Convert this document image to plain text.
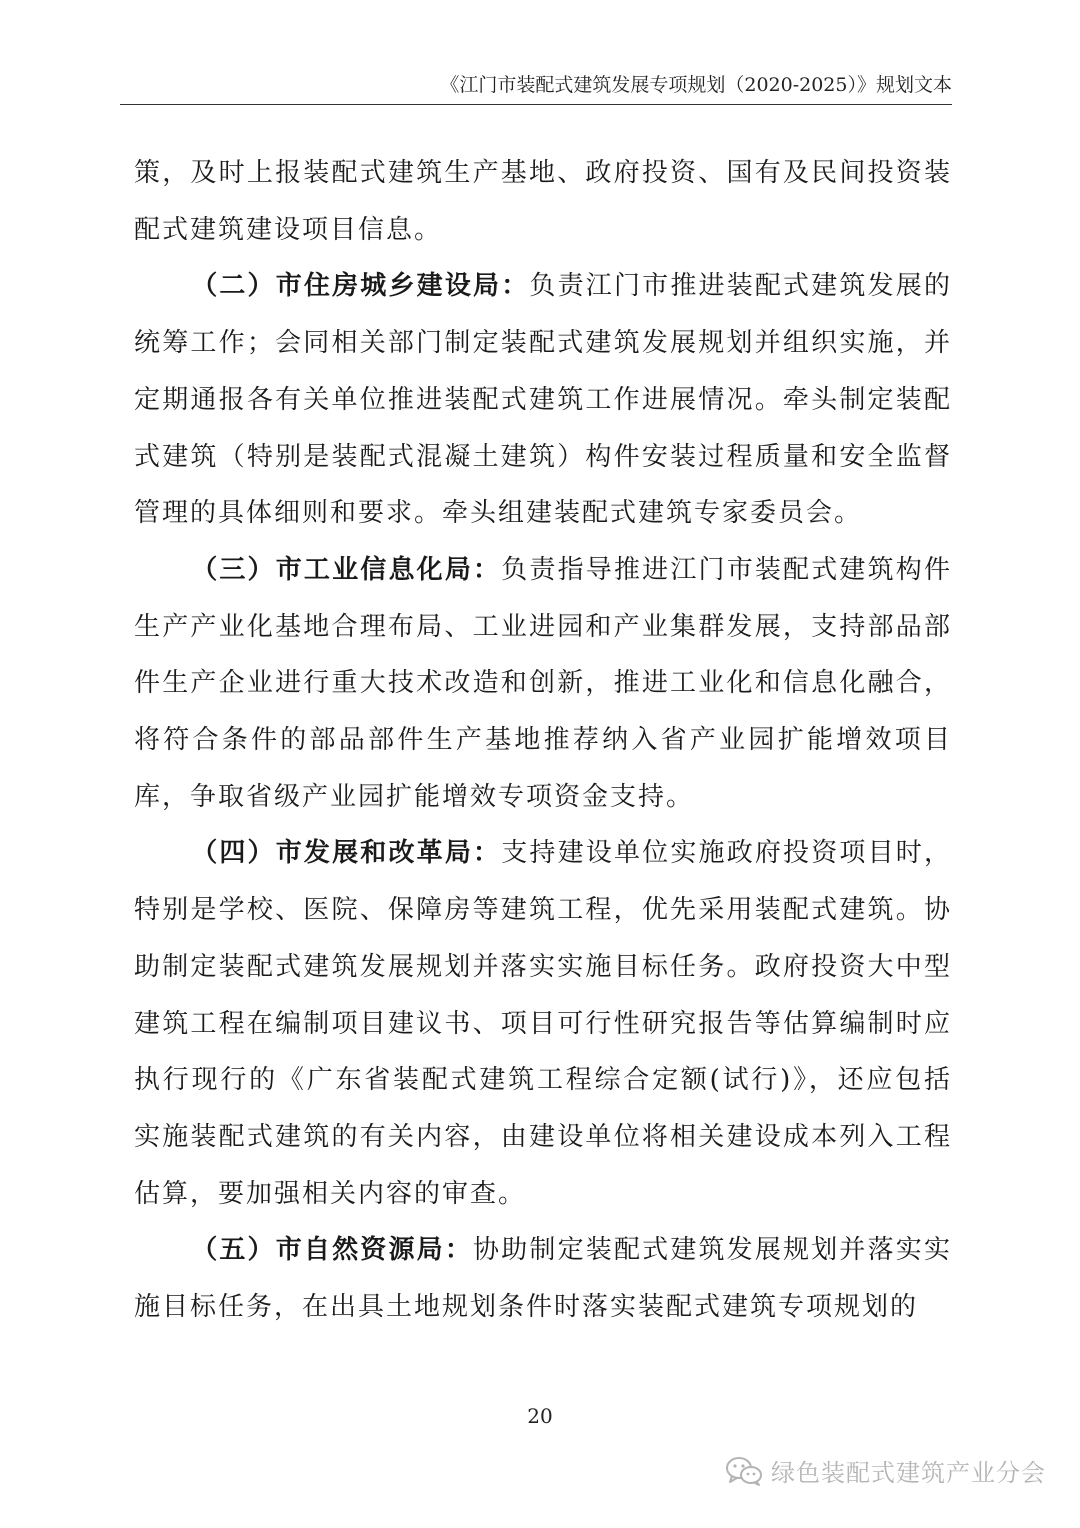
《江门市装配式建筑发展专项规划（2020-2025）》规划文本

策，及时上报装配式建筑生产基地、政府投资、国有及民间投资装配式建筑建设项目信息。

（二）市住房城乡建设局：负责江门市推进装配式建筑发展的统筹工作；会同相关部门制定装配式建筑发展规划并组织实施，并定期通报各有关单位推进装配式建筑工作进展情况。牵头制定装配式建筑（特别是装配式混凝土建筑）构件安装过程质量和安全监督管理的具体细则和要求。牵头组建装配式建筑专家委员会。

（三）市工业信息化局：负责指导推进江门市装配式建筑构件生产产业化基地合理布局、工业进园和产业集群发展，支持部品部件生产企业进行重大技术改造和创新，推进工业化和信息化融合，将符合条件的部品部件生产基地推荐纳入省产业园扩能增效项目库，争取省级产业园扩能增效专项资金支持。

（四）市发展和改革局：支持建设单位实施政府投资项目时，特别是学校、医院、保障房等建筑工程，优先采用装配式建筑。协助制定装配式建筑发展规划并落实实施目标任务。政府投资大中型建筑工程在编制项目建议书、项目可行性研究报告等估算编制时应执行现行的《广东省装配式建筑工程综合定额(试行)》，还应包括实施装配式建筑的有关内容，由建设单位将相关建设成本列入工程估算，要加强相关内容的审查。

（五）市自然资源局：协助制定装配式建筑发展规划并落实实施目标任务，在出具土地规划条件时落实装配式建筑专项规划的

20
绿色装配式建筑产业分会
